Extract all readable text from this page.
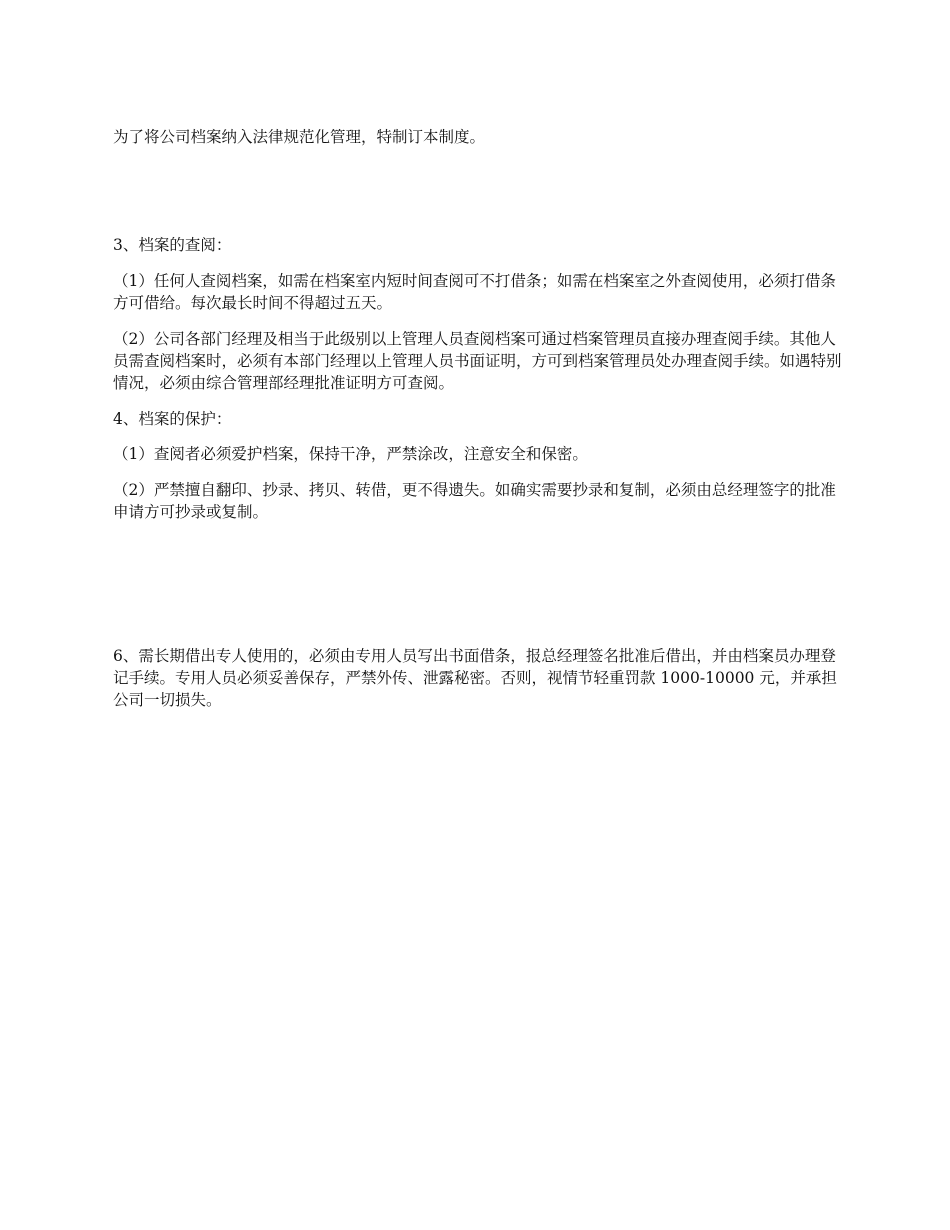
为了将公司档案纳入法律规范化管理，特制订本制度。

3、档案的查阅：

（1）任何人查阅档案，如需在档案室内短时间查阅可不打借条；如需在档案室之外查阅使用，必须打借条方可借给。每次最长时间不得超过五天。

（2）公司各部门经理及相当于此级别以上管理人员查阅档案可通过档案管理员直接办理查阅手续。其他人员需查阅档案时，必须有本部门经理以上管理人员书面证明，方可到档案管理员处办理查阅手续。如遇特别情况，必须由综合管理部经理批准证明方可查阅。

4、档案的保护：

（1）查阅者必须爱护档案，保持干净，严禁涂改，注意安全和保密。

（2）严禁擅自翻印、抄录、拷贝、转借，更不得遗失。如确实需要抄录和复制，必须由总经理签字的批准申请方可抄录或复制。

6、需长期借出专人使用的，必须由专用人员写出书面借条，报总经理签名批准后借出，并由档案员办理登记手续。专用人员必须妥善保存，严禁外传、泄露秘密。否则，视情节轻重罚款 1000-10000 元，并承担公司一切损失。
